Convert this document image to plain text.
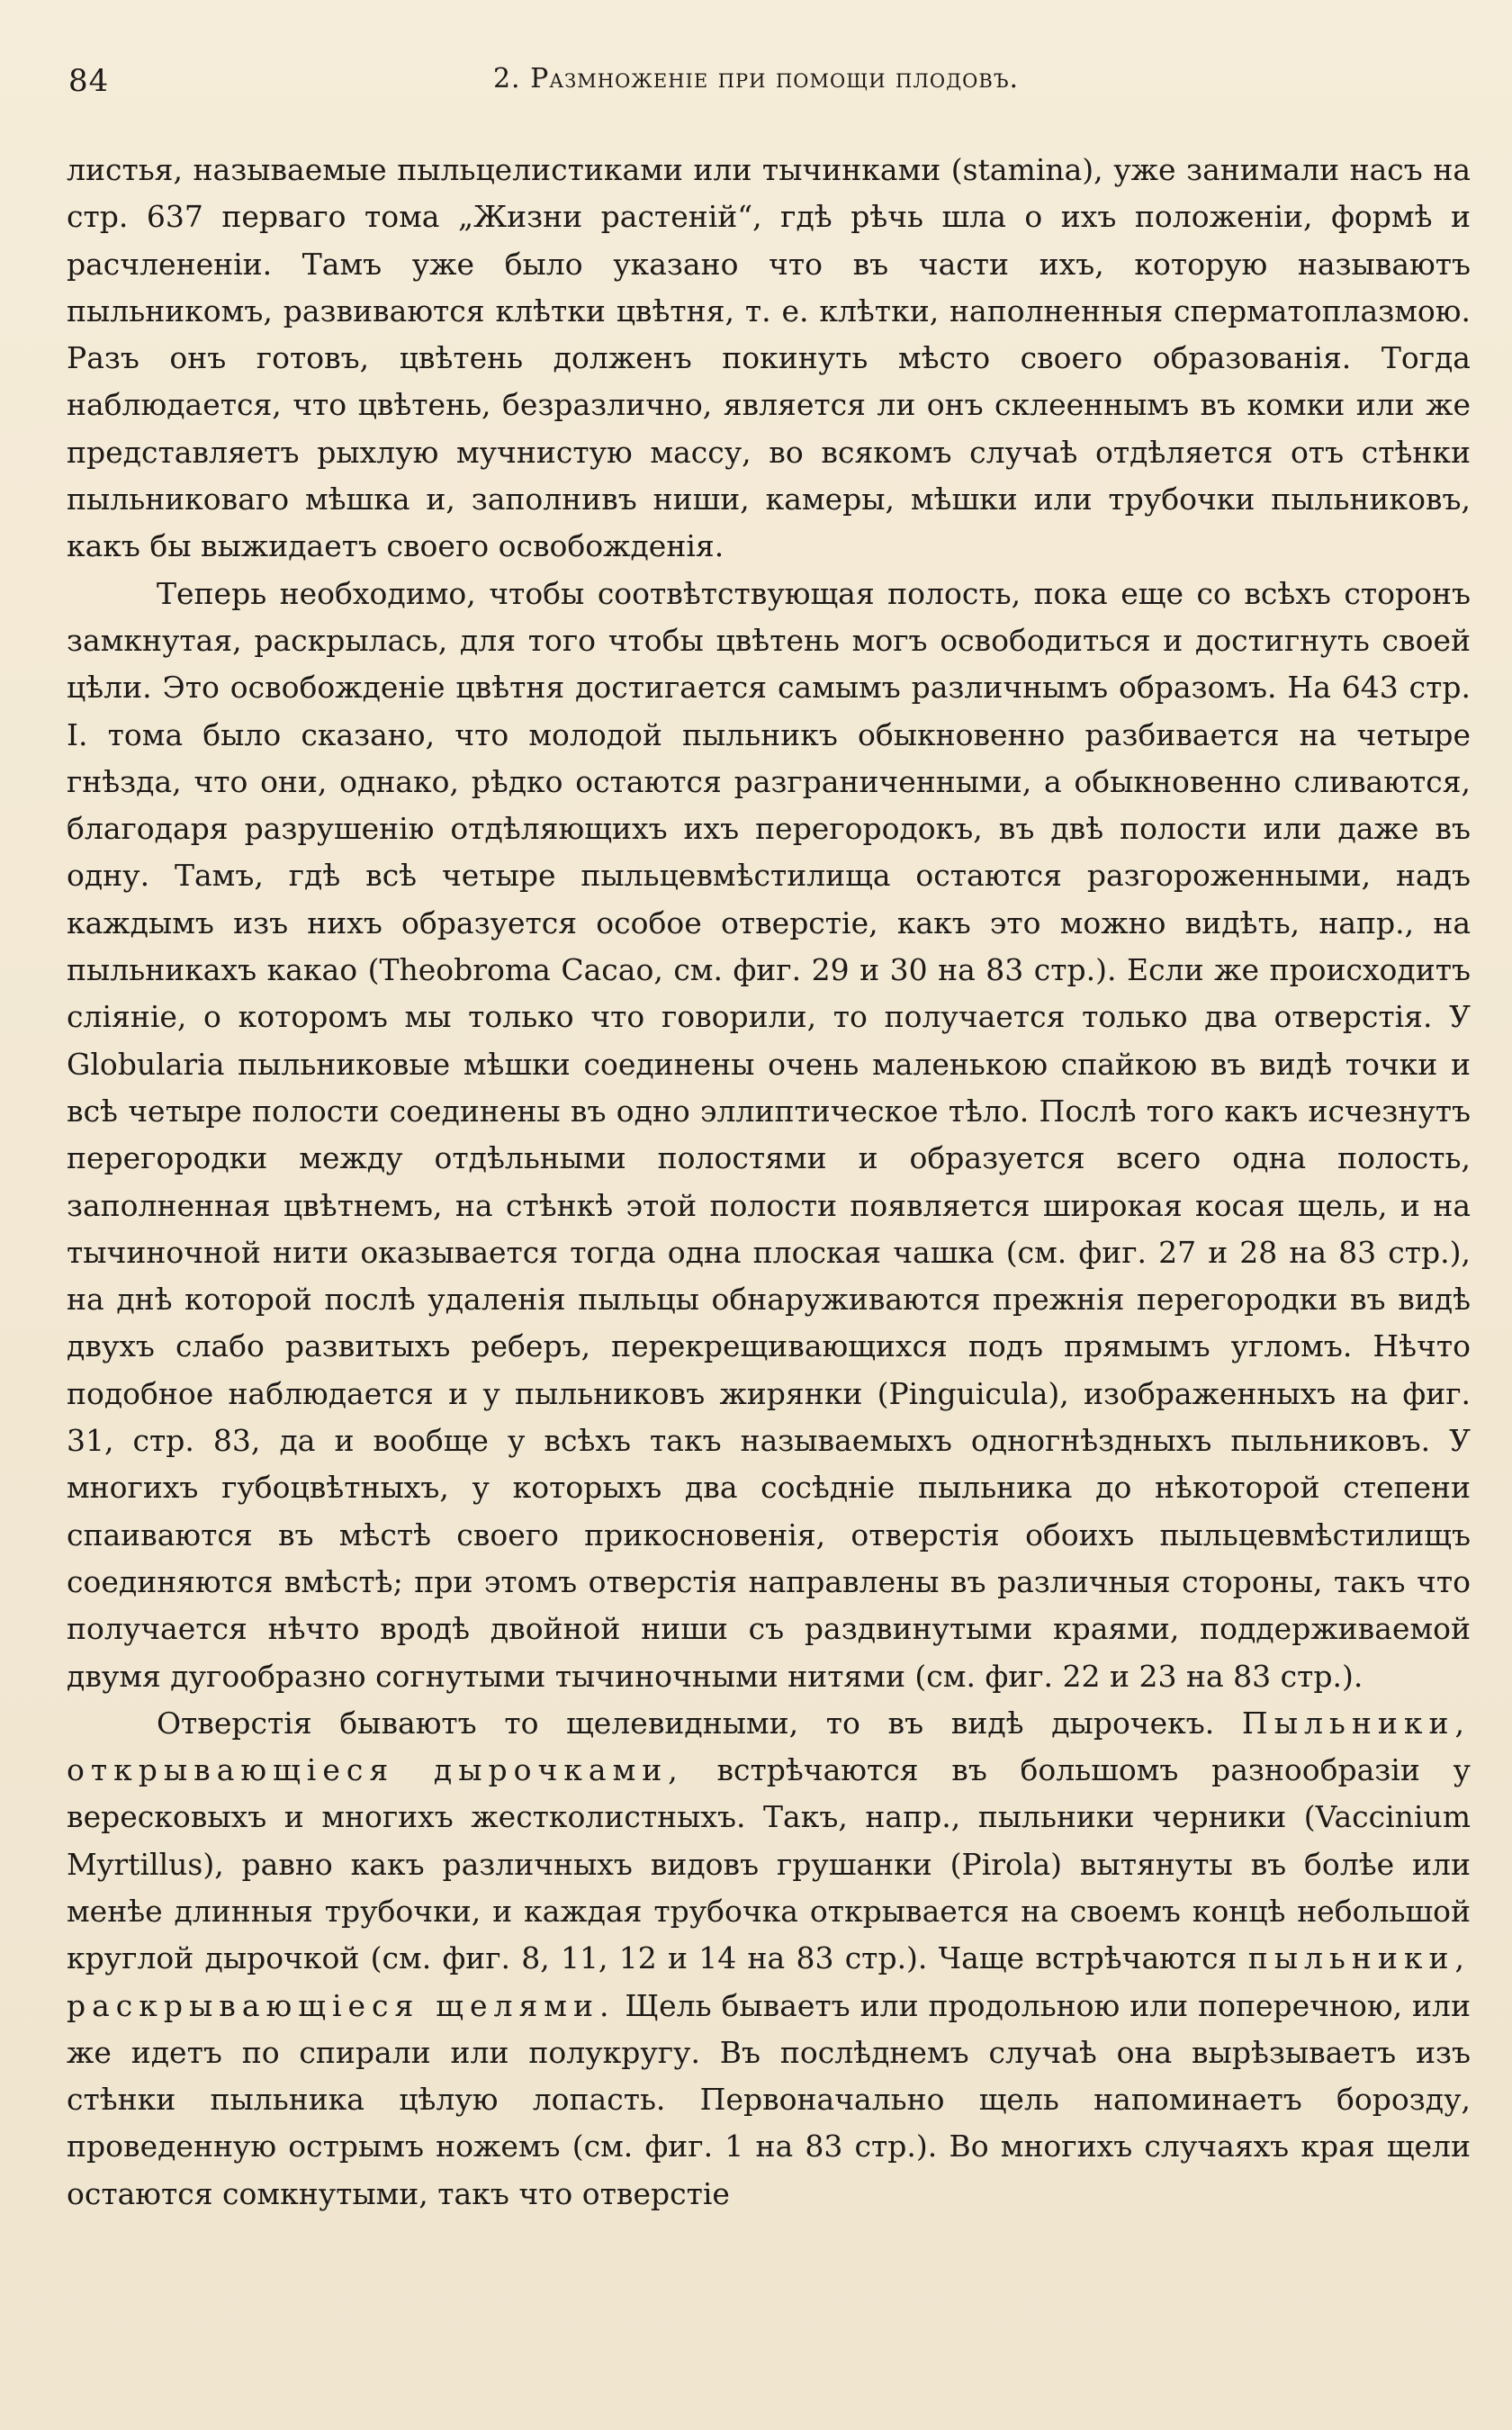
84	2. Размноженіе при помощи плодовъ.

листья, называемые пыльцелистиками или тычинками (stamina), уже занимали насъ на стр. 637 перваго тома „Жизни растеній“, гдѣ рѣчь шла о ихъ положеніи, формѣ и расчлененіи. Тамъ уже было указано что въ части ихъ, которую называютъ пыльникомъ, развиваются клѣтки цвѣтня, т. е. клѣтки, наполненныя сперматоплазмою. Разъ онъ готовъ, цвѣтень долженъ покинуть мѣсто своего образованія. Тогда наблюдается, что цвѣтень, безразлично, является ли онъ склееннымъ въ комки или же представляетъ рыхлую мучнистую массу, во всякомъ случаѣ отдѣляется отъ стѣнки пыльниковаго мѣшка и, заполнивъ ниши, камеры, мѣшки или трубочки пыльниковъ, какъ бы выжидаетъ своего освобожденія.

Теперь необходимо, чтобы соотвѣтствующая полость, пока еще со всѣхъ сторонъ замкнутая, раскрылась, для того чтобы цвѣтень могъ освободиться и достигнуть своей цѣли. Это освобожденіе цвѣтня достигается самымъ различнымъ образомъ. На 643 стр. I. тома было сказано, что молодой пыльникъ обыкновенно разбивается на четыре гнѣзда, что они, однако, рѣдко остаются разграниченными, а обыкновенно сливаются, благодаря разрушенію отдѣляющихъ ихъ перегородокъ, въ двѣ полости или даже въ одну. Тамъ, гдѣ всѣ четыре пыльцевмѣстилища остаются разгороженными, надъ каждымъ изъ нихъ образуется особое отверстіе, какъ это можно видѣть, напр., на пыльникахъ какао (Theobroma Cacao, см. фиг. 29 и 30 на 83 стр.). Если же происходитъ сліяніе, о которомъ мы только что говорили, то получается только два отверстія. У Globularia пыльниковые мѣшки соединены очень маленькою спайкою въ видѣ точки и всѣ четыре полости соединены въ одно эллиптическое тѣло. Послѣ того какъ исчезнутъ перегородки между отдѣльными полостями и образуется всего одна полость, заполненная цвѣтнемъ, на стѣнкѣ этой полости появляется широкая косая щель, и на тычиночной нити оказывается тогда одна плоская чашка (см. фиг. 27 и 28 на 83 стр.), на днѣ которой послѣ удаленія пыльцы обнаруживаются прежнія перегородки въ видѣ двухъ слабо развитыхъ реберъ, перекрещивающихся подъ прямымъ угломъ. Нѣчто подобное наблюдается и у пыльниковъ жирянки (Pinguicula), изображенныхъ на фиг. 31, стр. 83, да и вообще у всѣхъ такъ называемыхъ одногнѣздныхъ пыльниковъ. У многихъ губоцвѣтныхъ, у которыхъ два сосѣдніе пыльника до нѣкоторой степени спаиваются въ мѣстѣ своего прикосновенія, отверстія обоихъ пыльцевмѣстилищъ соединяются вмѣстѣ; при этомъ отверстія направлены въ различныя стороны, такъ что получается нѣчто вродѣ двойной ниши съ раздвинутыми краями, поддерживаемой двумя дугообразно согнутыми тычиночными нитями (см. фиг. 22 и 23 на 83 стр.).

Отверстія бываютъ то щелевидными, то въ видѣ дырочекъ. Пыльники, открывающіеся дырочками, встрѣчаются въ большомъ разнообразіи у вересковыхъ и многихъ жестколистныхъ. Такъ, напр., пыльники черники (Vaccinium Myrtillus), равно какъ различныхъ видовъ грушанки (Pirola) вытянуты въ болѣе или менѣе длинныя трубочки, и каждая трубочка открывается на своемъ концѣ небольшой круглой дырочкой (см. фиг. 8, 11, 12 и 14 на 83 стр.). Чаще встрѣчаются пыльники, раскрывающіеся щелями. Щель бываетъ или продольною или поперечною, или же идетъ по спирали или полукругу. Въ послѣднемъ случаѣ она вырѣзываетъ изъ стѣнки пыльника цѣлую лопасть. Первоначально щель напоминаетъ борозду, проведенную острымъ ножемъ (см. фиг. 1 на 83 стр.). Во многихъ случаяхъ края щели остаются сомкнутыми, такъ что отверстіе
